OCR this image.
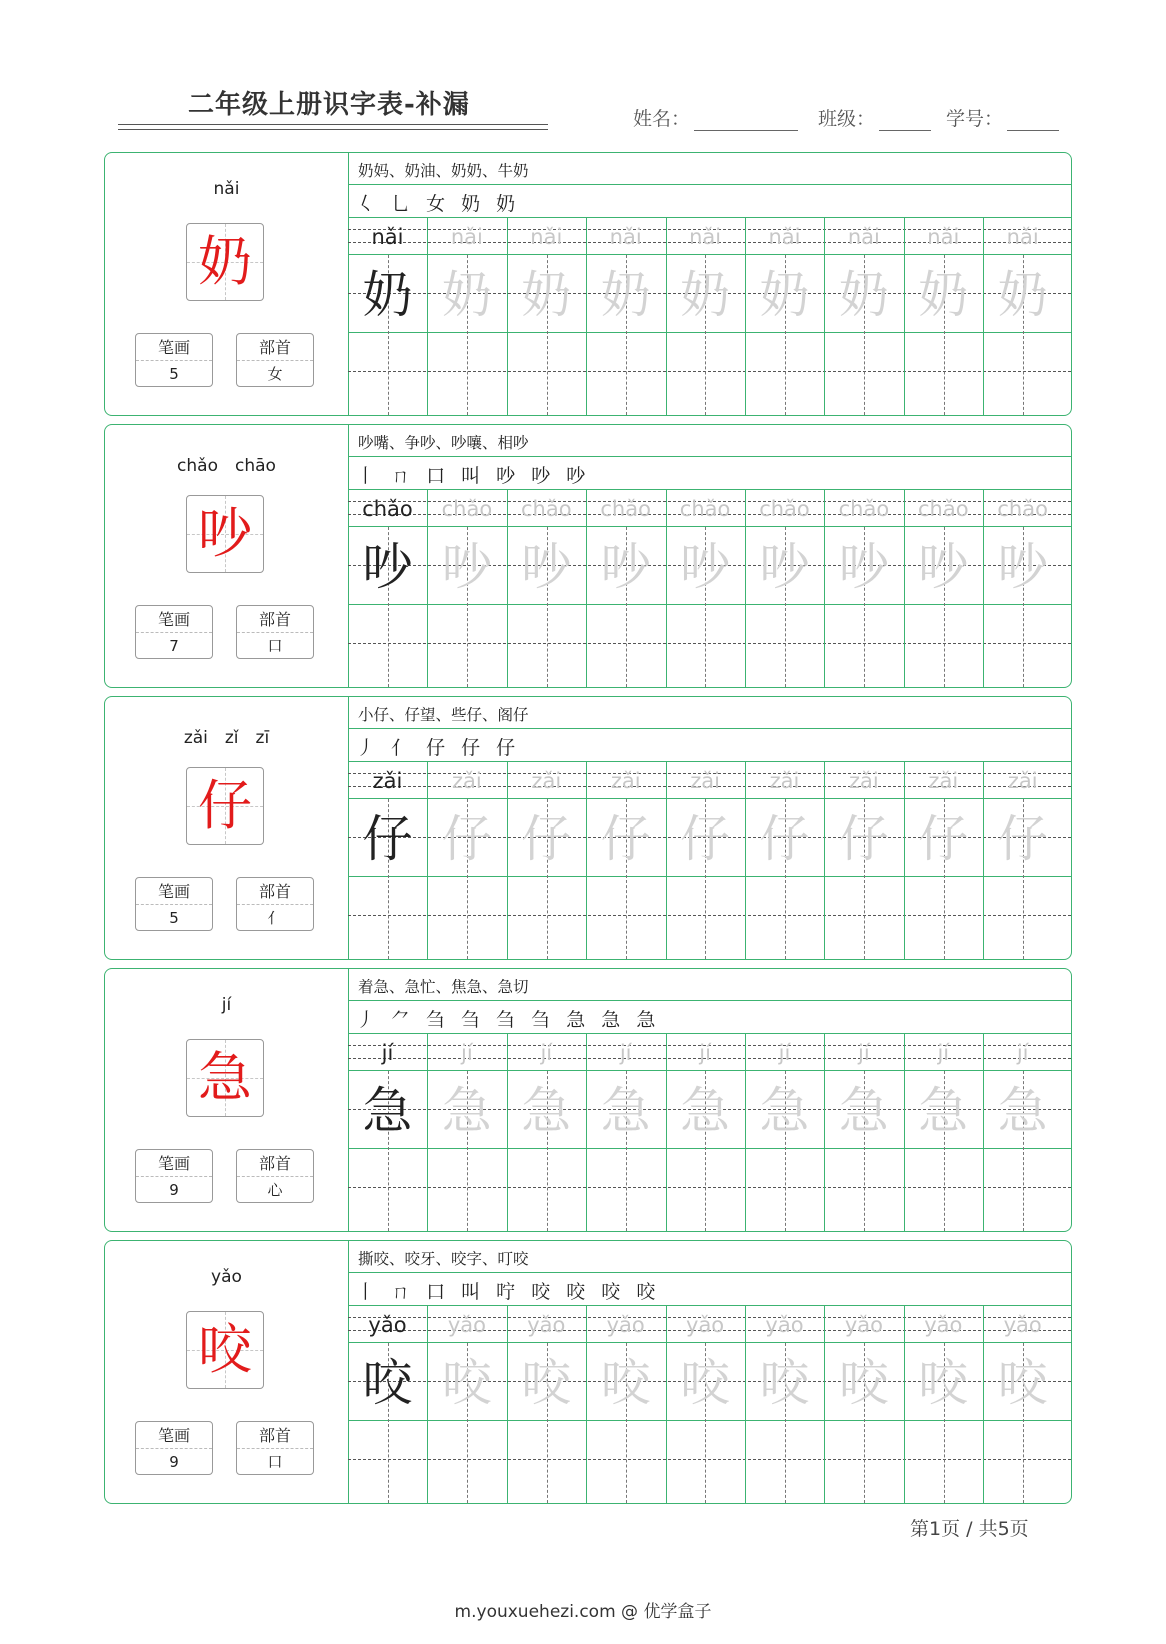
二年级上册识字表-补漏	姓名：	班级：	学号：
nǎi
奶
笔画
5
部首
女
奶妈、奶油、奶奶、牛奶
𡿨 乚 女 奶 奶
nǎi
奶
nǎi
奶
nǎi
奶
nǎi
奶
nǎi
奶
nǎi
奶
nǎi
奶
nǎi
奶
nǎi
奶
chǎo　chāo
吵
笔画
7
部首
口
吵嘴、争吵、吵嚷、相吵
丨 ㄇ 口 叫 吵 吵 吵
chǎo
吵
chǎo
吵
chǎo
吵
chǎo
吵
chǎo
吵
chǎo
吵
chǎo
吵
chǎo
吵
chǎo
吵
zǎi　zǐ　zī
仔
笔画
5
部首
亻
小仔、仔望、些仔、阁仔
丿 亻 仔 仔 仔
zǎi
仔
zǎi
仔
zǎi
仔
zǎi
仔
zǎi
仔
zǎi
仔
zǎi
仔
zǎi
仔
zǎi
仔
jí
急
笔画
9
部首
心
着急、急忙、焦急、急切
丿 ⺈ 刍 刍 刍 刍 急 急 急
jí
急
jí
急
jí
急
jí
急
jí
急
jí
急
jí
急
jí
急
jí
急
yǎo
咬
笔画
9
部首
口
撕咬、咬牙、咬字、叮咬
丨 ㄇ 口 叫 咛 咬 咬 咬 咬
yǎo
咬
yǎo
咬
yǎo
咬
yǎo
咬
yǎo
咬
yǎo
咬
yǎo
咬
yǎo
咬
yǎo
咬
第1页 / 共5页
m.youxuehezi.com @ 优学盒子
